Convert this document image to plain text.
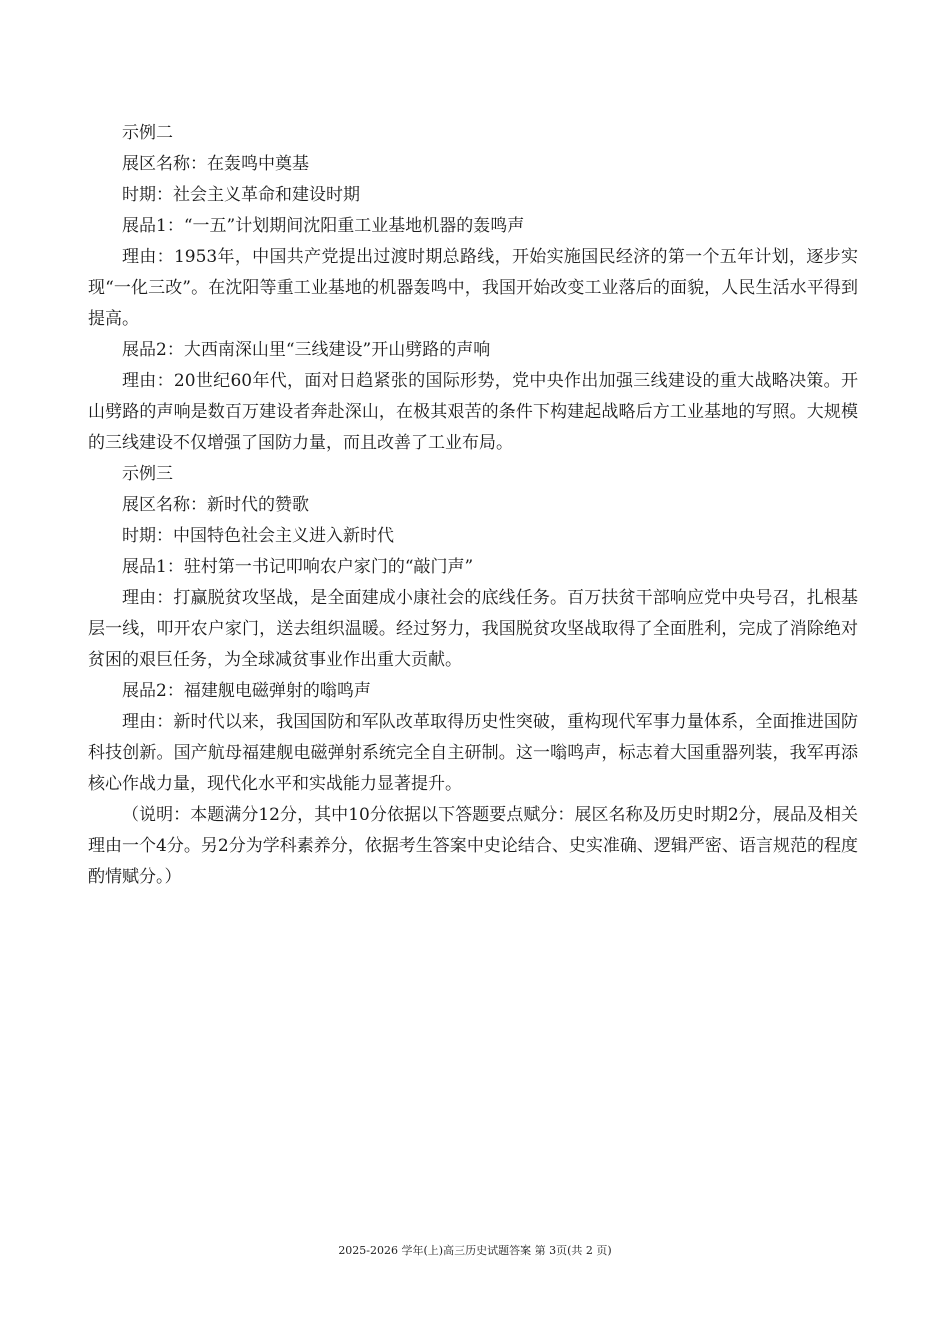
示例二

展区名称：在轰鸣中奠基

时期：社会主义革命和建设时期

展品1：“一五”计划期间沈阳重工业基地机器的轰鸣声

理由：1953年，中国共产党提出过渡时期总路线，开始实施国民经济的第一个五年计划，逐步实现“一化三改”。在沈阳等重工业基地的机器轰鸣中，我国开始改变工业落后的面貌，人民生活水平得到提高。

展品2：大西南深山里“三线建设”开山劈路的声响

理由：20世纪60年代，面对日趋紧张的国际形势，党中央作出加强三线建设的重大战略决策。开山劈路的声响是数百万建设者奔赴深山，在极其艰苦的条件下构建起战略后方工业基地的写照。大规模的三线建设不仅增强了国防力量，而且改善了工业布局。

示例三

展区名称：新时代的赞歌

时期：中国特色社会主义进入新时代

展品1：驻村第一书记叩响农户家门的“敲门声”

理由：打赢脱贫攻坚战，是全面建成小康社会的底线任务。百万扶贫干部响应党中央号召，扎根基层一线，叩开农户家门，送去组织温暖。经过努力，我国脱贫攻坚战取得了全面胜利，完成了消除绝对贫困的艰巨任务，为全球减贫事业作出重大贡献。

展品2：福建舰电磁弹射的嗡鸣声

理由：新时代以来，我国国防和军队改革取得历史性突破，重构现代军事力量体系，全面推进国防科技创新。国产航母福建舰电磁弹射系统完全自主研制。这一嗡鸣声，标志着大国重器列装，我军再添核心作战力量，现代化水平和实战能力显著提升。

（说明：本题满分12分，其中10分依据以下答题要点赋分：展区名称及历史时期2分，展品及相关理由一个4分。另2分为学科素养分，依据考生答案中史论结合、史实准确、逻辑严密、语言规范的程度酌情赋分。）

2025-2026 学年(上)高三历史试题答案 第 3页(共 2 页)
